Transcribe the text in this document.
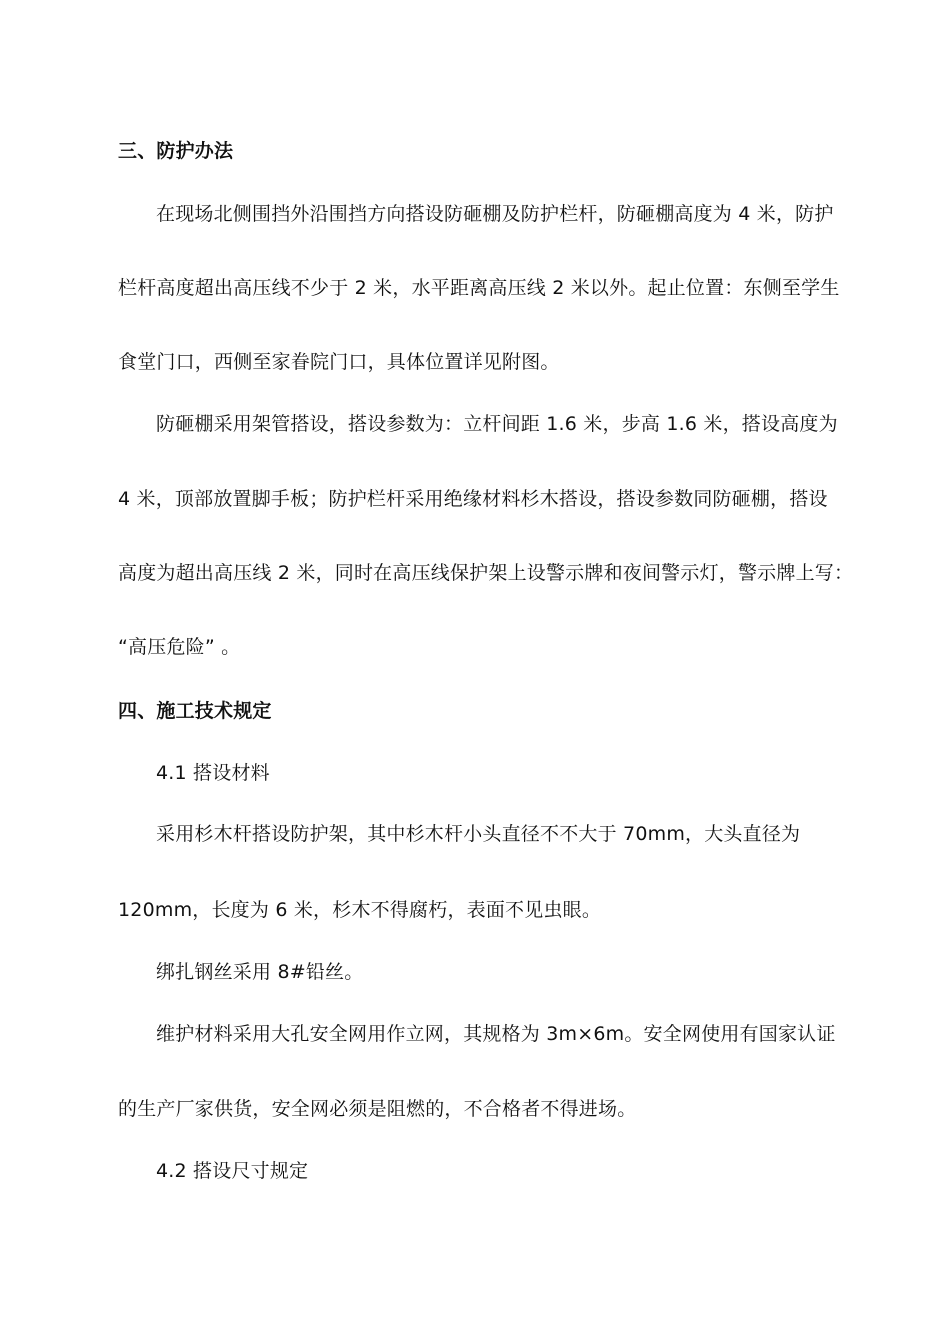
三、防护办法
在现场北侧围挡外沿围挡方向搭设防砸棚及防护栏杆，防砸棚高度为 4 米，防护
栏杆高度超出高压线不少于 2 米，水平距离高压线 2 米以外。起止位置：东侧至学生
食堂门口，西侧至家眷院门口，具体位置详见附图。
防砸棚采用架管搭设，搭设参数为：立杆间距 1.6 米，步高 1.6 米，搭设高度为
4 米，顶部放置脚手板；防护栏杆采用绝缘材料杉木搭设，搭设参数同防砸棚，搭设
高度为超出高压线 2 米，同时在高压线保护架上设警示牌和夜间警示灯，警示牌上写：
“高压危险” 。
四、施工技术规定
4.1 搭设材料
采用杉木杆搭设防护架，其中杉木杆小头直径不不大于 70mm，大头直径为
120mm，长度为 6 米，杉木不得腐朽，表面不见虫眼。
绑扎钢丝采用 8#铅丝。
维护材料采用大孔安全网用作立网，其规格为 3m×6m。安全网使用有国家认证
的生产厂家供货，安全网必须是阻燃的，不合格者不得进场。
4.2 搭设尺寸规定
